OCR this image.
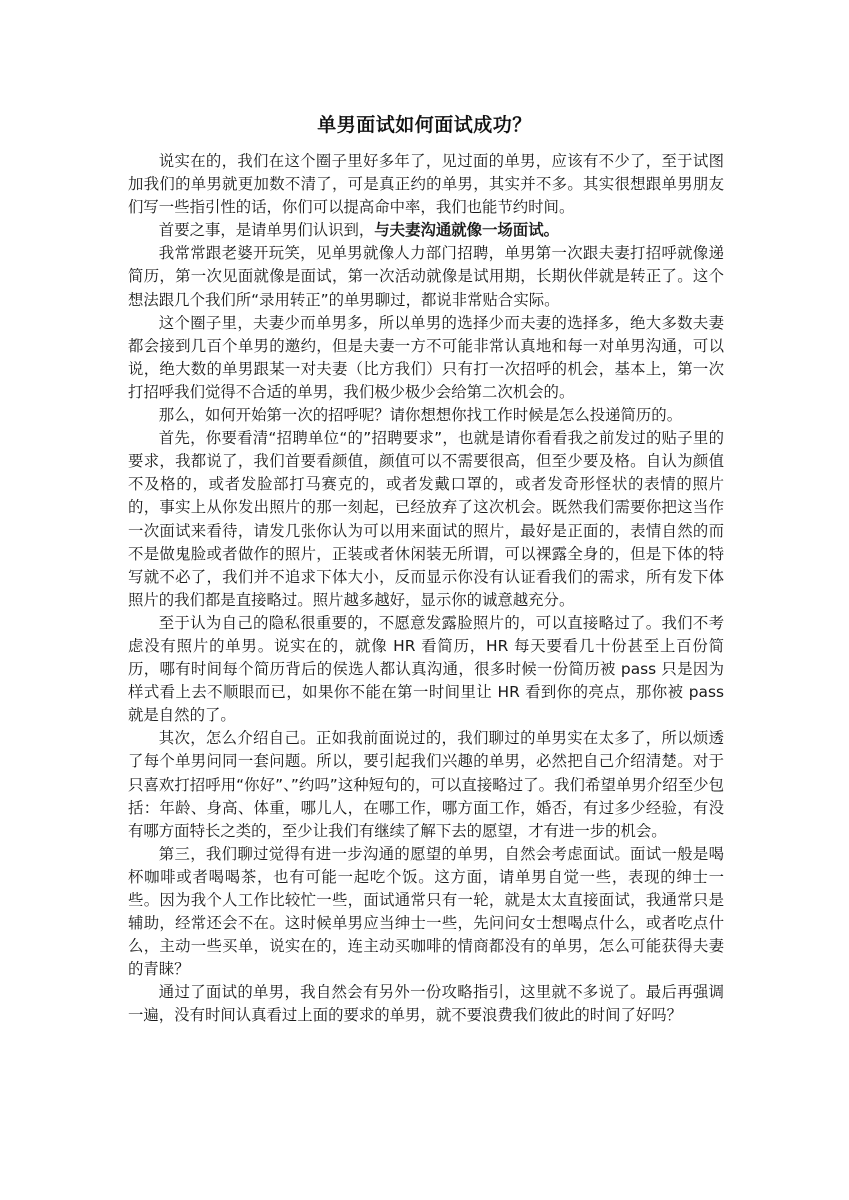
单男面试如何面试成功？

说实在的，我们在这个圈子里好多年了，见过面的单男，应该有不少了，至于试图加我们的单男就更加数不清了，可是真正约的单男，其实并不多。其实很想跟单男朋友们写一些指引性的话，你们可以提高命中率，我们也能节约时间。

首要之事，是请单男们认识到，与夫妻沟通就像一场面试。

我常常跟老婆开玩笑，见单男就像人力部门招聘，单男第一次跟夫妻打招呼就像递简历，第一次见面就像是面试，第一次活动就像是试用期，长期伙伴就是转正了。这个想法跟几个我们所“录用转正”的单男聊过，都说非常贴合实际。

这个圈子里，夫妻少而单男多，所以单男的选择少而夫妻的选择多，绝大多数夫妻都会接到几百个单男的邀约，但是夫妻一方不可能非常认真地和每一对单男沟通，可以说，绝大数的单男跟某一对夫妻（比方我们）只有打一次招呼的机会，基本上，第一次打招呼我们觉得不合适的单男，我们极少极少会给第二次机会的。

那么，如何开始第一次的招呼呢？请你想想你找工作时候是怎么投递简历的。

首先，你要看清“招聘单位“的”招聘要求”，也就是请你看看我之前发过的贴子里的要求，我都说了，我们首要看颜值，颜值可以不需要很高，但至少要及格。自认为颜值不及格的，或者发脸部打马赛克的，或者发戴口罩的，或者发奇形怪状的表情的照片的，事实上从你发出照片的那一刻起，已经放弃了这次机会。既然我们需要你把这当作一次面试来看待，请发几张你认为可以用来面试的照片，最好是正面的，表情自然的而不是做鬼脸或者做作的照片，正装或者休闲装无所谓，可以裸露全身的，但是下体的特写就不必了，我们并不追求下体大小，反而显示你没有认证看我们的需求，所有发下体照片的我们都是直接略过。照片越多越好，显示你的诚意越充分。

至于认为自己的隐私很重要的，不愿意发露脸照片的，可以直接略过了。我们不考虑没有照片的单男。说实在的，就像 HR 看简历，HR 每天要看几十份甚至上百份简历，哪有时间每个简历背后的侯选人都认真沟通，很多时候一份简历被 pass 只是因为样式看上去不顺眼而已，如果你不能在第一时间里让 HR 看到你的亮点，那你被 pass 就是自然的了。

其次，怎么介绍自己。正如我前面说过的，我们聊过的单男实在太多了，所以烦透了每个单男问同一套问题。所以，要引起我们兴趣的单男，必然把自己介绍清楚。对于只喜欢打招呼用“你好”、”约吗”这种短句的，可以直接略过了。我们希望单男介绍至少包括：年龄、身高、体重，哪儿人，在哪工作，哪方面工作，婚否，有过多少经验，有没有哪方面特长之类的，至少让我们有继续了解下去的愿望，才有进一步的机会。

第三，我们聊过觉得有进一步沟通的愿望的单男，自然会考虑面试。面试一般是喝杯咖啡或者喝喝茶，也有可能一起吃个饭。这方面，请单男自觉一些，表现的绅士一些。因为我个人工作比较忙一些，面试通常只有一轮，就是太太直接面试，我通常只是辅助，经常还会不在。这时候单男应当绅士一些，先问问女士想喝点什么，或者吃点什么，主动一些买单，说实在的，连主动买咖啡的情商都没有的单男，怎么可能获得夫妻的青睐？

通过了面试的单男，我自然会有另外一份攻略指引，这里就不多说了。最后再强调一遍，没有时间认真看过上面的要求的单男，就不要浪费我们彼此的时间了好吗？
